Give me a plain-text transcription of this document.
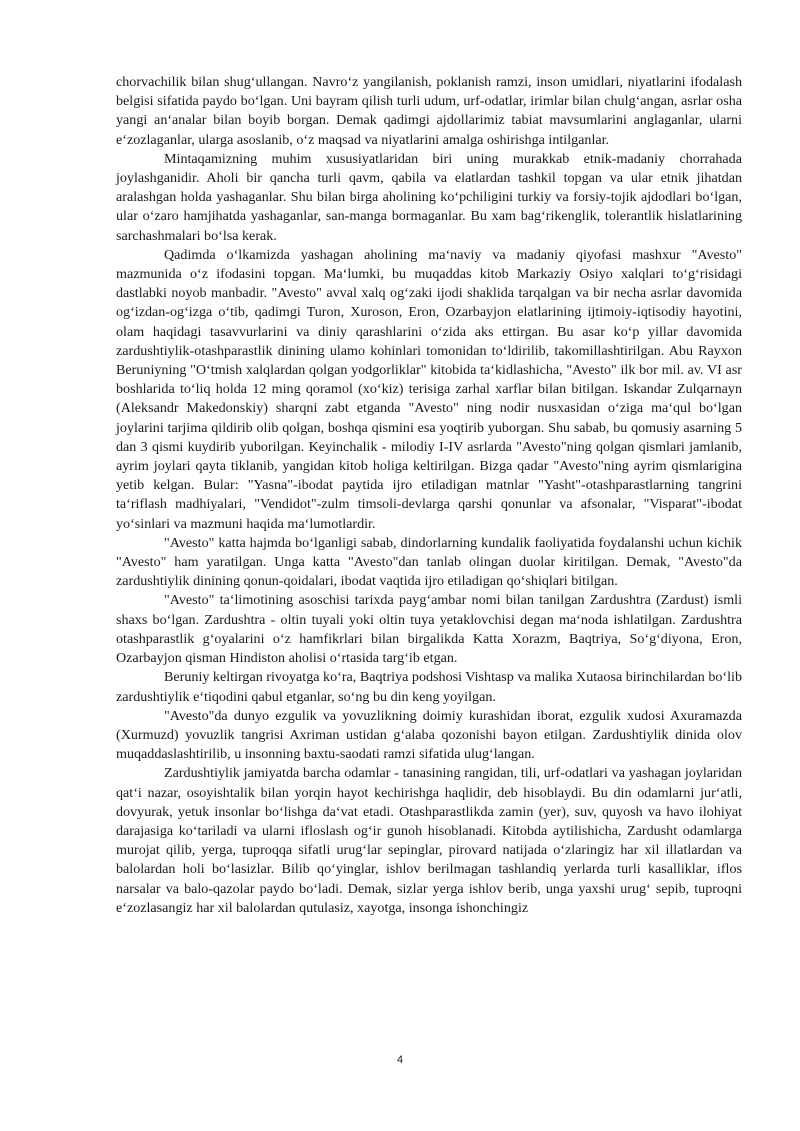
chorvachilik bilan shug‘ullangan. Navro‘z yangilanish, poklanish ramzi, inson umidlari, niyatlarini ifodalash belgisi sifatida paydo bo‘lgan. Uni bayram qilish turli udum, urf-odatlar, irimlar bilan chulg‘angan, asrlar osha yangi an‘analar bilan boyib borgan. Demak qadimgi ajdollarimiz tabiat mavsumlarini anglaganlar, ularni e‘zozlaganlar, ularga asoslanib, o‘z maqsad va niyatlarini amalga oshirishga intilganlar.

Mintaqamizning muhim xususiyatlaridan biri uning murakkab etnik-madaniy chorrahada joylashganidir. Aholi bir qancha turli qavm, qabila va elatlardan tashkil topgan va ular etnik jihatdan aralashgan holda yashaganlar. Shu bilan birga aholining ko‘pchiligini turkiy va forsiy-tojik ajdodlari bo‘lgan, ular o‘zaro hamjihatda yashaganlar, san-manga bormaganlar. Bu xam bag‘rikenglik, tolerantlik hislatlarining sarchashmalari bo‘lsa kerak.

Qadimda o‘lkamizda yashagan aholining ma‘naviy va madaniy qiyofasi mashxur "Avesto" mazmunida o‘z ifodasini topgan. Ma‘lumki, bu muqaddas kitob Markaziy Osiyo xalqlari to‘g‘risidagi dastlabki noyob manbadir. "Avesto" avval xalq og‘zaki ijodi shaklida tarqalgan va bir necha asrlar davomida og‘izdan-og‘izga o‘tib, qadimgi Turon, Xuroson, Eron, Ozarbayjon elatlarining ijtimoiy-iqtisodiy hayotini, olam haqidagi tasavvurlarini va diniy qarashlarini o‘zida aks ettirgan. Bu asar ko‘p yillar davomida zardushtiylik-otashparastlik dinining ulamo kohinlari tomonidan to‘ldirilib, takomillashtirilgan. Abu Rayxon Beruniyning "O‘tmish xalqlardan qolgan yodgorliklar" kitobida ta‘kidlashicha, "Avesto" ilk bor mil. av. VI asr boshlarida to‘liq holda 12 ming qoramol (xo‘kiz) terisiga zarhal xarflar bilan bitilgan. Iskandar Zulqarnayn (Aleksandr Makedonskiy) sharqni zabt etganda "Avesto" ning nodir nusxasidan o‘ziga ma‘qul bo‘lgan joylarini tarjima qildirib olib qolgan, boshqa qismini esa yoqtirib yuborgan. Shu sabab, bu qomusiy asarning 5 dan 3 qismi kuydirib yuborilgan. Keyinchalik - milodiy I-IV asrlarda "Avesto"ning qolgan qismlari jamlanib, ayrim joylari qayta tiklanib, yangidan kitob holiga keltirilgan. Bizga qadar "Avesto"ning ayrim qismlarigina yetib kelgan. Bular: "Yasna"-ibodat paytida ijro etiladigan matnlar "Yasht"-otashparastlarning tangrini ta‘riflash madhiyalari, "Vendidot"-zulm timsoli-devlarga qarshi qonunlar va afsonalar, "Visparat"-ibodat yo‘sinlari va mazmuni haqida ma‘lumotlardir.

"Avesto" katta hajmda bo‘lganligi sabab, dindorlarning kundalik faoliyatida foydalanshi uchun kichik "Avesto" ham yaratilgan. Unga katta "Avesto"dan tanlab olingan duolar kiritilgan. Demak, "Avesto"da zardushtiylik dinining qonun-qoidalari, ibodat vaqtida ijro etiladigan qo‘shiqlari bitilgan.

"Avesto" ta‘limotining asoschisi tarixda payg‘ambar nomi bilan tanilgan Zardushtra (Zardust) ismli shaxs bo‘lgan. Zardushtra - oltin tuyali yoki oltin tuya yetaklovchisi degan ma‘noda ishlatilgan. Zardushtra otashparastlik g‘oyalarini o‘z hamfikrlari bilan birgalikda Katta Xorazm, Baqtriya, So‘g‘diyona, Eron, Ozarbayjon qisman Hindiston aholisi o‘rtasida targ‘ib etgan.

Beruniy keltirgan rivoyatga ko‘ra, Baqtriya podshosi Vishtasp va malika Xutaosa birinchilardan bo‘lib zardushtiylik e‘tiqodini qabul etganlar, so‘ng bu din keng yoyilgan.

"Avesto"da dunyo ezgulik va yovuzlikning doimiy kurashidan iborat, ezgulik xudosi Axuramazda (Xurmuzd) yovuzlik tangrisi Axriman ustidan g‘alaba qozonishi bayon etilgan. Zardushtiylik dinida olov muqaddaslashtirilib, u insonning baxtu-saodati ramzi sifatida ulug‘langan.

Zardushtiylik jamiyatda barcha odamlar - tanasining rangidan, tili, urf-odatlari va yashagan joylaridan qat‘i nazar, osoyishtalik bilan yorqin hayot kechirishga haqlidir, deb hisoblaydi. Bu din odamlarni jur‘atli, dovyurak, yetuk insonlar bo‘lishga da‘vat etadi. Otashparastlikda zamin (yer), suv, quyosh va havo ilohiyat darajasiga ko‘tariladi va ularni ifloslash og‘ir gunoh hisoblanadi. Kitobda aytilishicha, Zardusht odamlarga murojat qilib, yerga, tuproqqa sifatli urug‘lar sepinglar, pirovard natijada o‘zlaringiz har xil illatlardan va balolardan holi bo‘lasizlar. Bilib qo‘yinglar, ishlov berilmagan tashlandiq yerlarda turli kasalliklar, iflos narsalar va balo-qazolar paydo bo‘ladi. Demak, sizlar yerga ishlov berib, unga yaxshi urug‘ sepib, tuproqni e‘zozlasangiz har xil balolardan qutulasiz, xayotga, insonga ishonchingiz

4
